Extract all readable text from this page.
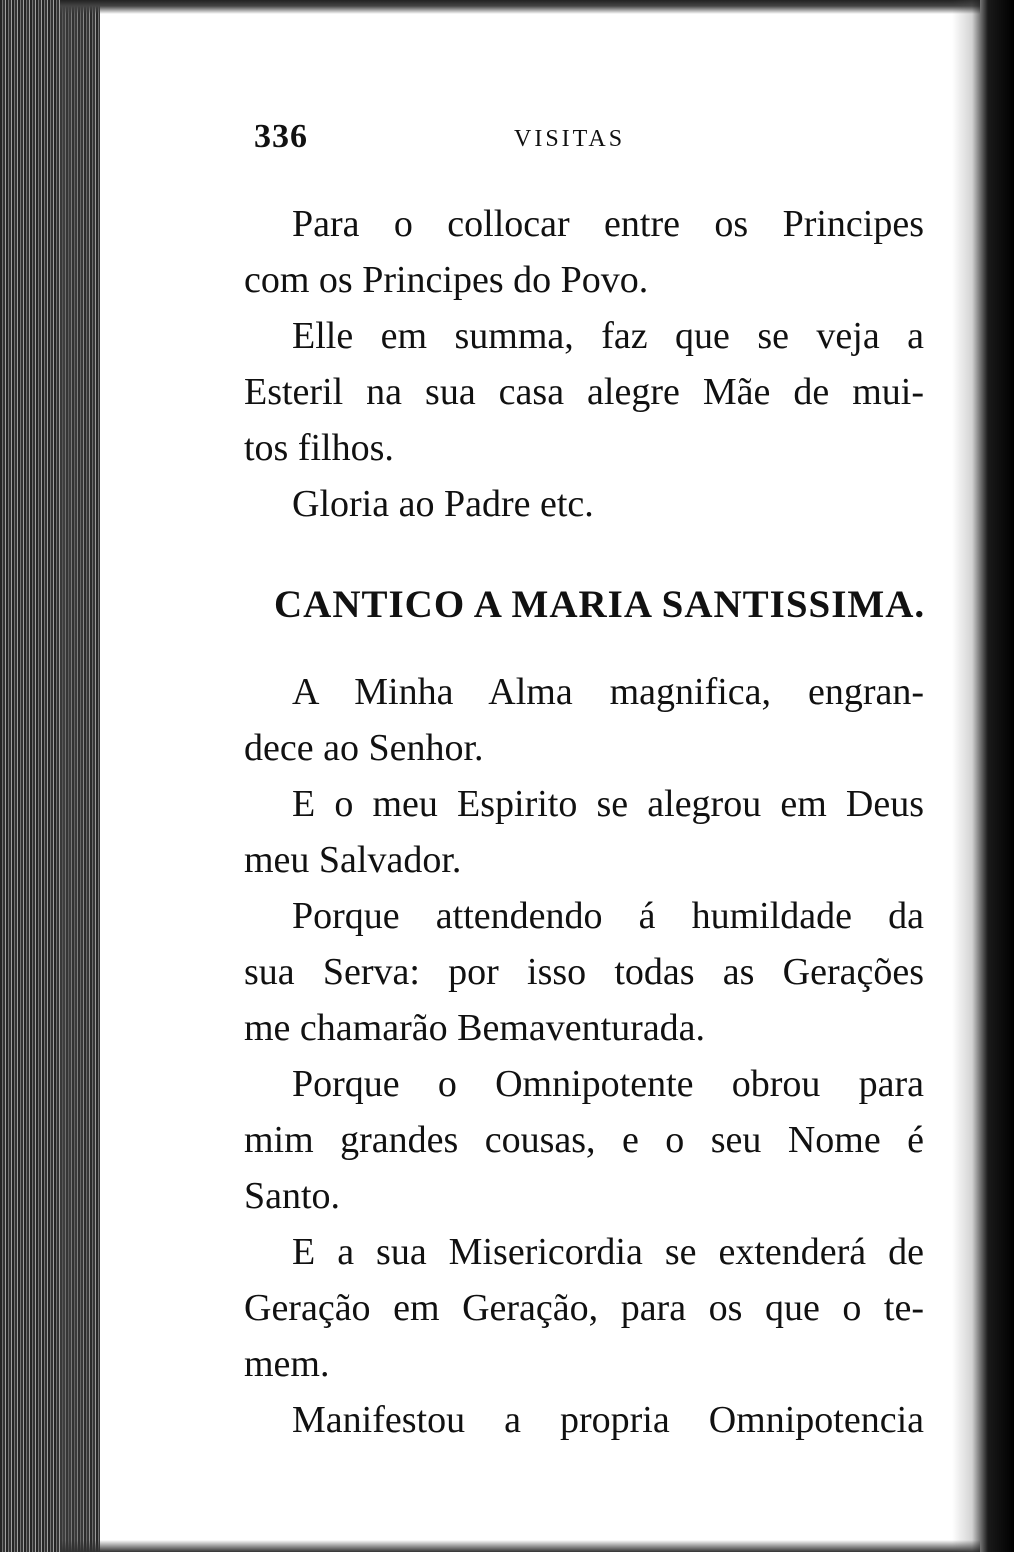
336	VISITAS
Para o collocar entre os Principes
com os Principes do Povo.
Elle em summa, faz que se veja a
Esteril na sua casa alegre Mãe de mui-
tos filhos.
Gloria ao Padre etc.
CANTICO A MARIA SANTISSIMA.
A Minha Alma magnifica, engran-
dece ao Senhor.
E o meu Espirito se alegrou em Deus
meu Salvador.
Porque attendendo á humildade da
sua Serva: por isso todas as Gerações
me chamarão Bemaventurada.
Porque o Omnipotente obrou para
mim grandes cousas, e o seu Nome é
Santo.
E a sua Misericordia se extenderá de
Geração em Geração, para os que o te-
mem.
Manifestou a propria Omnipotencia
